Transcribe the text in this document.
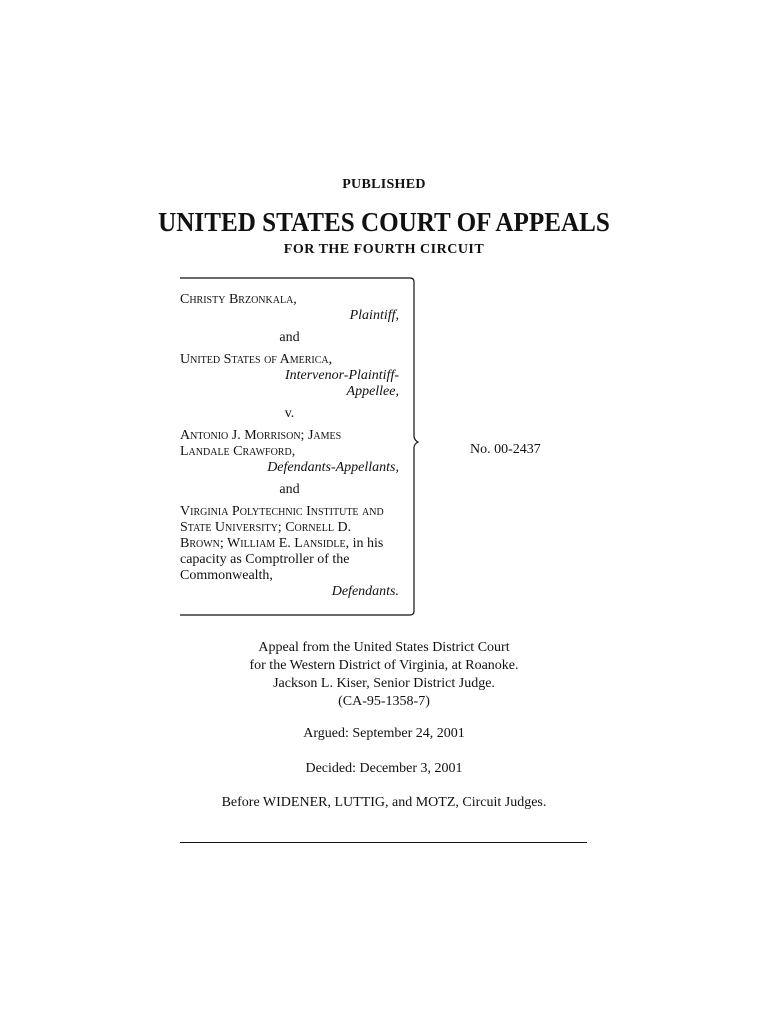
PUBLISHED
UNITED STATES COURT OF APPEALS
FOR THE FOURTH CIRCUIT
Christy Brzonkala,
Plaintiff,
and
United States of America,
Intervenor-Plaintiff-
Appellee,
v.
Antonio J. Morrison; James
Landale Crawford,
Defendants-Appellants,
and
Virginia Polytechnic Institute and
State University; Cornell D.
Brown; William E. Lansidle, in his
capacity as Comptroller of the
Commonwealth,
Defendants.
No. 00-2437
Appeal from the United States District Court
for the Western District of Virginia, at Roanoke.
Jackson L. Kiser, Senior District Judge.
(CA-95-1358-7)
Argued: September 24, 2001
Decided: December 3, 2001
Before WIDENER, LUTTIG, and MOTZ, Circuit Judges.
